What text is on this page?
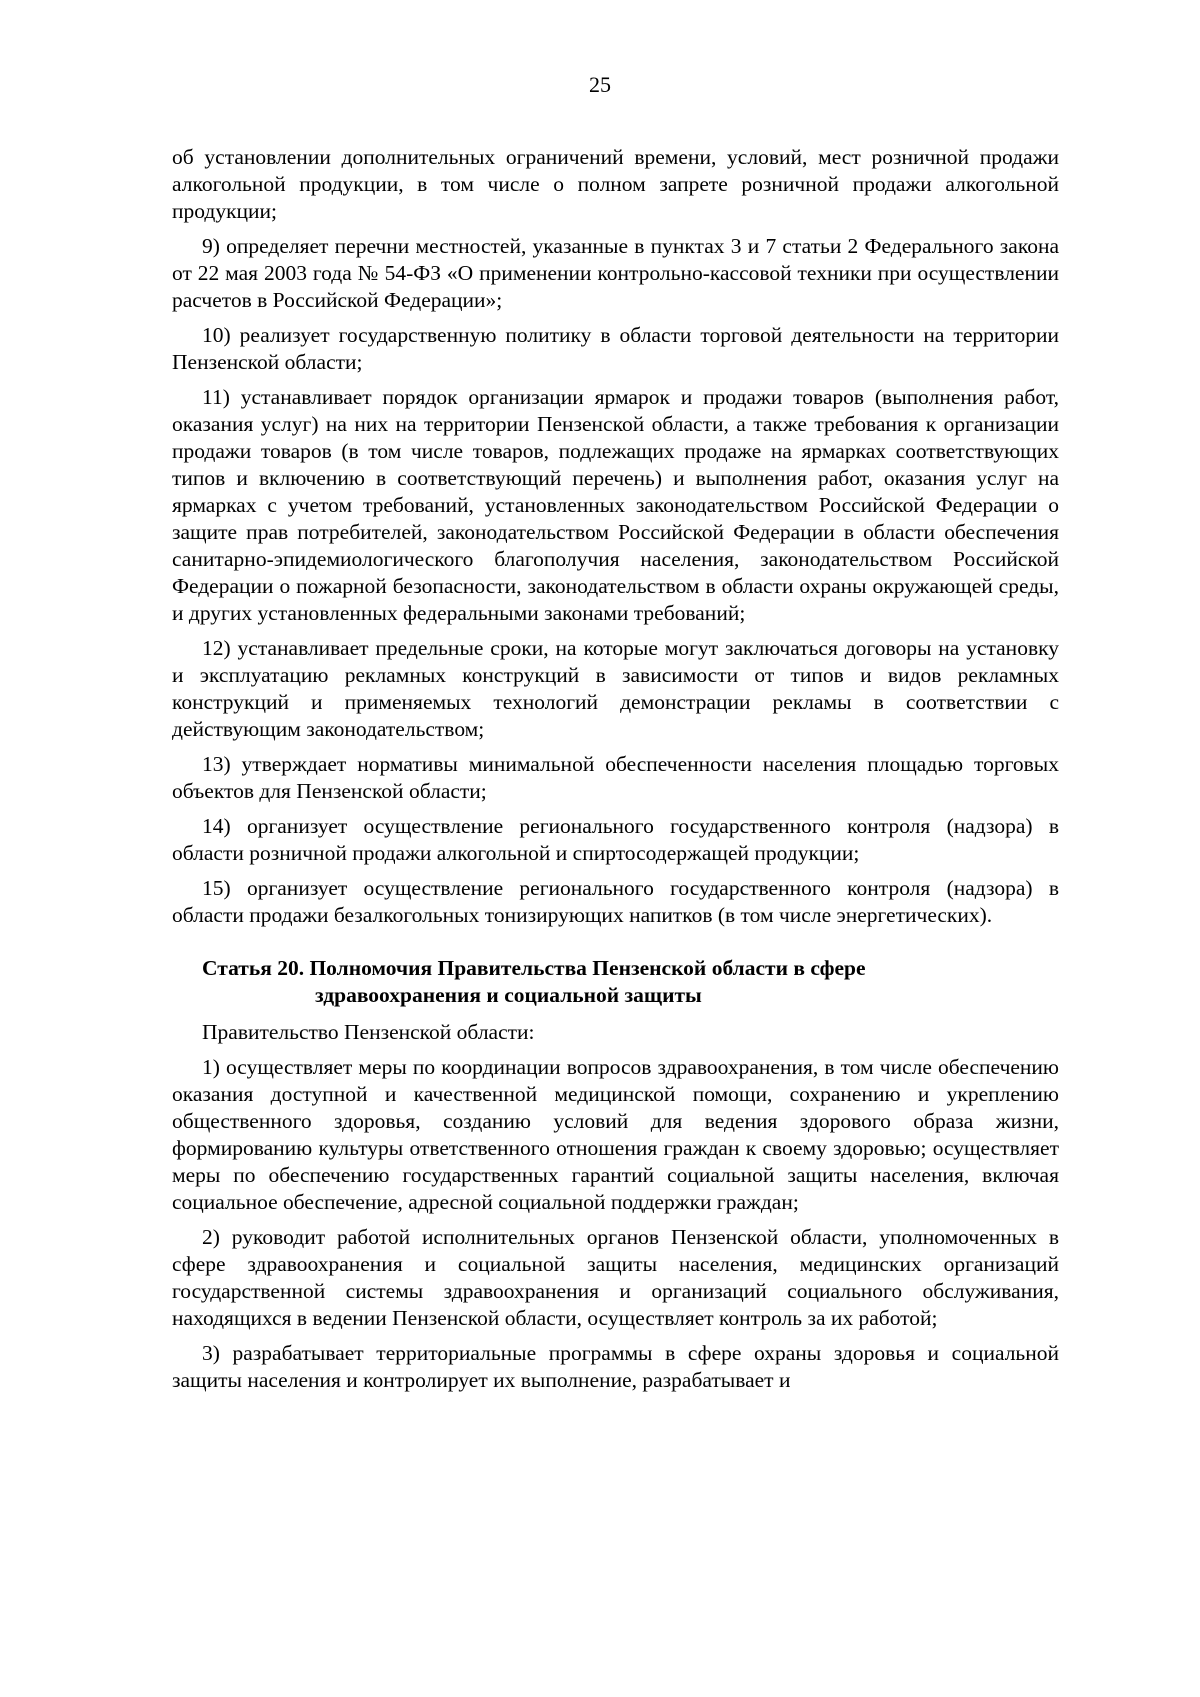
25

об установлении дополнительных ограничений времени, условий, мест розничной продажи алкогольной продукции, в том числе о полном запрете розничной продажи алкогольной продукции;

9) определяет перечни местностей, указанные в пунктах 3 и 7 статьи 2 Федерального закона от 22 мая 2003 года № 54-ФЗ «О применении контрольно-кассовой техники при осуществлении расчетов в Российской Федерации»;

10) реализует государственную политику в области торговой деятельности на территории Пензенской области;

11) устанавливает порядок организации ярмарок и продажи товаров (выполнения работ, оказания услуг) на них на территории Пензенской области, а также требования к организации продажи товаров (в том числе товаров, подлежащих продаже на ярмарках соответствующих типов и включению в соответствующий перечень) и выполнения работ, оказания услуг на ярмарках с учетом требований, установленных законодательством Российской Федерации о защите прав потребителей, законодательством Российской Федерации в области обеспечения санитарно-эпидемиологического благополучия населения, законодательством Российской Федерации о пожарной безопасности, законодательством в области охраны окружающей среды, и других установленных федеральными законами требований;

12) устанавливает предельные сроки, на которые могут заключаться договоры на установку и эксплуатацию рекламных конструкций в зависимости от типов и видов рекламных конструкций и применяемых технологий демонстрации рекламы в соответствии с действующим законодательством;

13) утверждает нормативы минимальной обеспеченности населения площадью торговых объектов для Пензенской области;

14) организует осуществление регионального государственного контроля (надзора) в области розничной продажи алкогольной и спиртосодержащей продукции;

15) организует осуществление регионального государственного контроля (надзора) в области продажи безалкогольных тонизирующих напитков (в том числе энергетических).

Статья 20. Полномочия Правительства Пензенской области в сфере
здравоохранения и социальной защиты

Правительство Пензенской области:

1) осуществляет меры по координации вопросов здравоохранения, в том числе обеспечению оказания доступной и качественной медицинской помощи, сохранению и укреплению общественного здоровья, созданию условий для ведения здорового образа жизни, формированию культуры ответственного отношения граждан к своему здоровью; осуществляет меры по обеспечению государственных гарантий социальной защиты населения, включая социальное обеспечение, адресной социальной поддержки граждан;

2) руководит работой исполнительных органов Пензенской области, уполномоченных в сфере здравоохранения и социальной защиты населения, медицинских организаций государственной системы здравоохранения и организаций социального обслуживания, находящихся в ведении Пензенской области, осуществляет контроль за их работой;

3) разрабатывает территориальные программы в сфере охраны здоровья и социальной защиты населения и контролирует их выполнение, разрабатывает и
